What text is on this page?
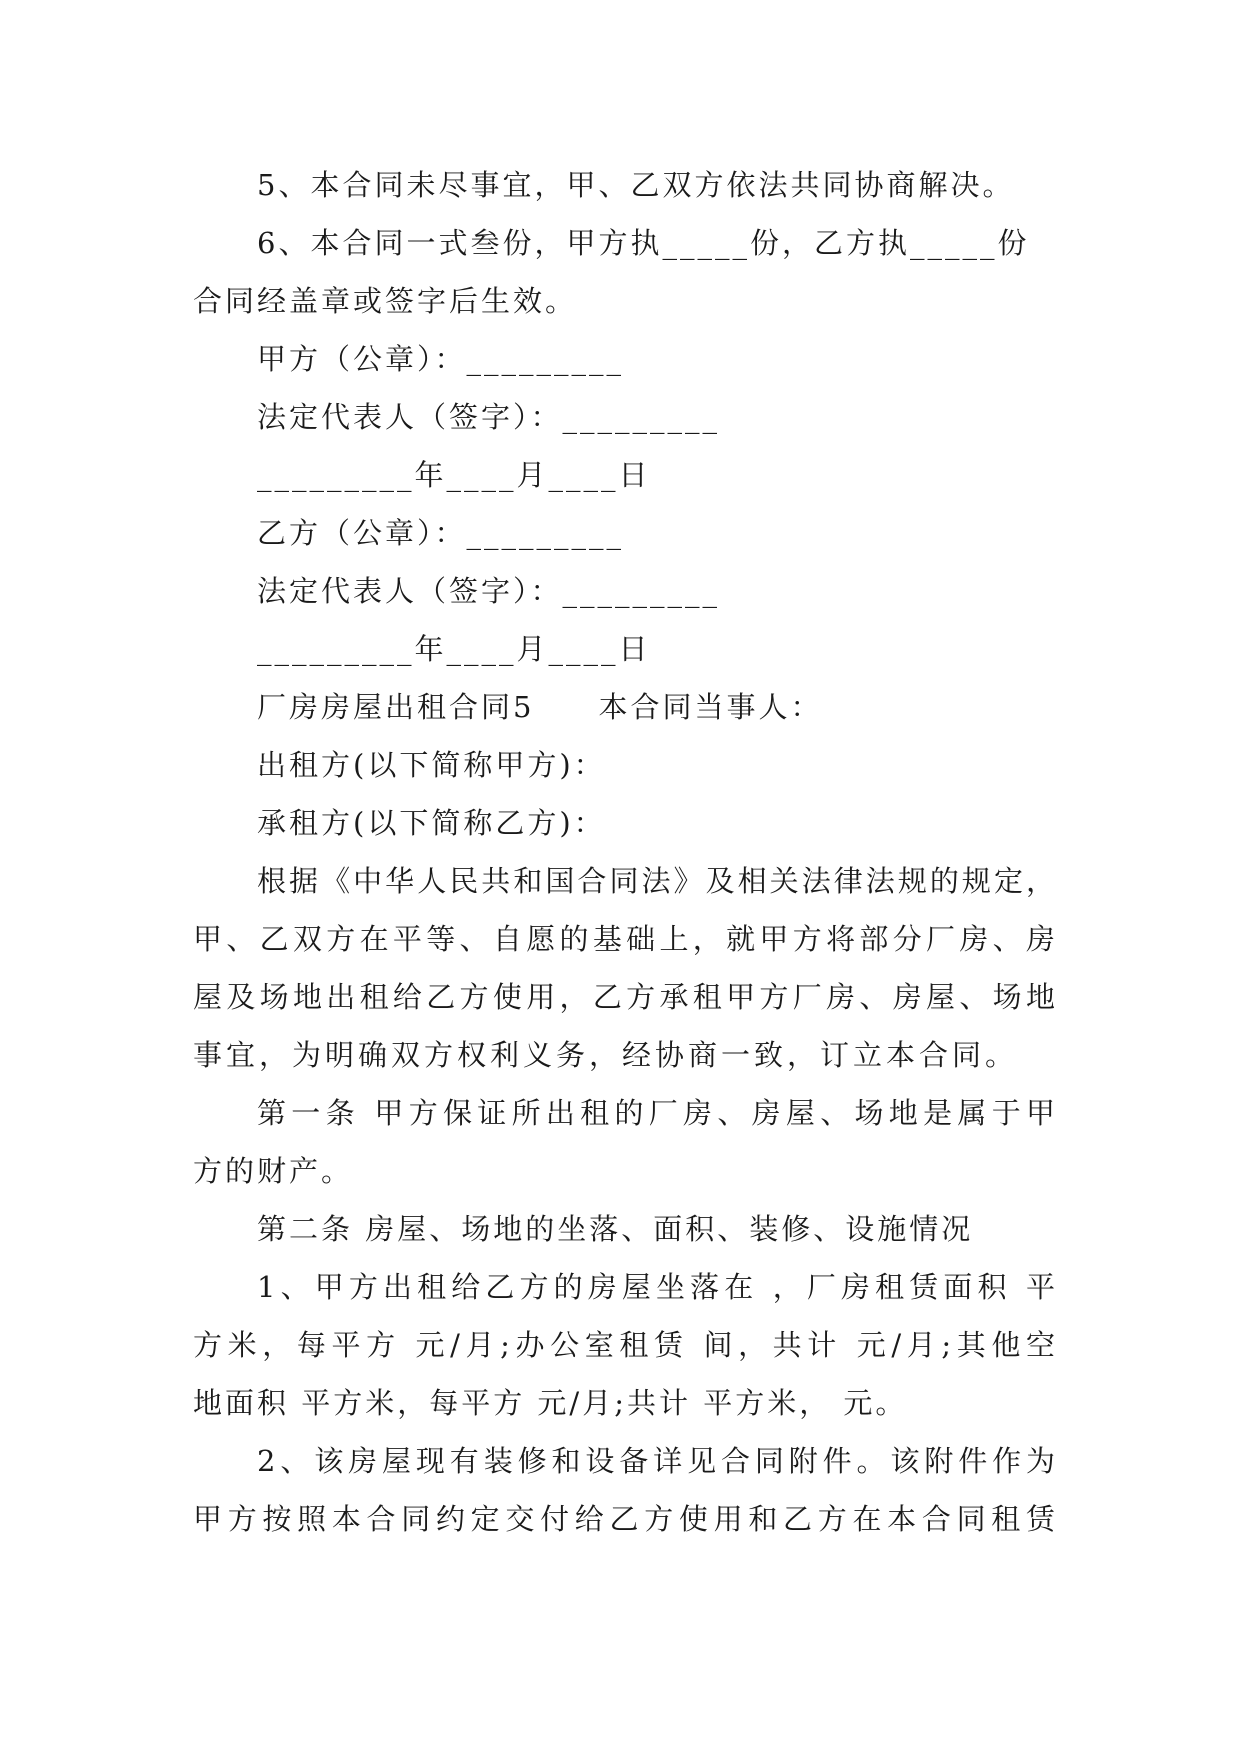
5、本合同未尽事宜，甲、乙双方依法共同协商解决。
6、本合同一式叁份，甲方执_____份，乙方执_____份
合同经盖章或签字后生效。
甲方（公章）：_________
法定代表人（签字）：_________
_________年____月____日
乙方（公章）：_________
法定代表人（签字）：_________
_________年____月____日
厂房房屋出租合同5　　本合同当事人：
出租方(以下简称甲方)：
承租方(以下简称乙方)：
根据《中华人民共和国合同法》及相关法律法规的规定，
甲、乙双方在平等、自愿的基础上，就甲方将部分厂房、房
屋及场地出租给乙方使用，乙方承租甲方厂房、房屋、场地
事宜，为明确双方权利义务，经协商一致，订立本合同。
第一条 甲方保证所出租的厂房、房屋、场地是属于甲
方的财产。
第二条 房屋、场地的坐落、面积、装修、设施情况
1、甲方出租给乙方的房屋坐落在 ，厂房租赁面积 平
方米，每平方 元/月;办公室租赁 间，共计 元/月;其他空
地面积 平方米，每平方 元/月;共计 平方米， 元。
2、该房屋现有装修和设备详见合同附件。该附件作为
甲方按照本合同约定交付给乙方使用和乙方在本合同租赁
